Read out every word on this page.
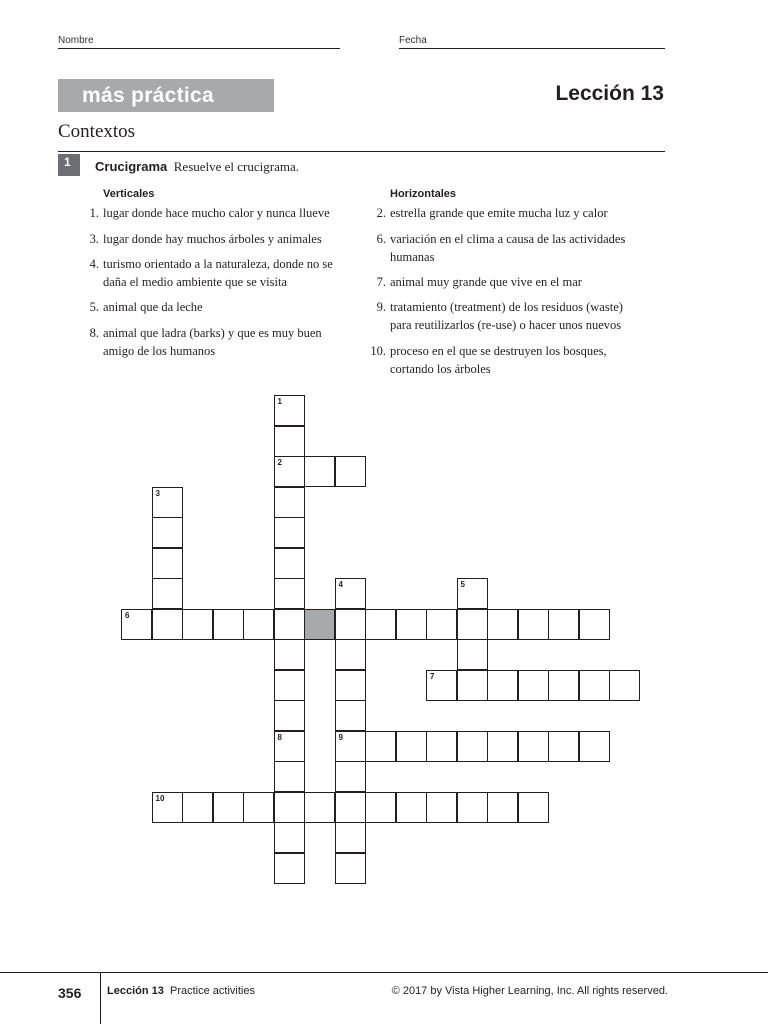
Nombre	Fecha
más práctica	Lección 13
Contextos
1	Crucigrama Resuelve el crucigrama.
Verticales
1. lugar donde hace mucho calor y nunca llueve
3. lugar donde hay muchos árboles y animales
4. turismo orientado a la naturaleza, donde no se daña el medio ambiente que se visita
5. animal que da leche
8. animal que ladra (barks) y que es muy buen amigo de los humanos
Horizontales
2. estrella grande que emite mucha luz y calor
6. variación en el clima a causa de las actividades humanas
7. animal muy grande que vive en el mar
9. tratamiento (treatment) de los residuos (waste) para reutilizarlos (re-use) o hacer unos nuevos
10. proceso en el que se destruyen los bosques, cortando los árboles
1
2
8
3
4
9
5
6
7
10
356 Lección 13 Practice activities	© 2017 by Vista Higher Learning, Inc. All rights reserved.
